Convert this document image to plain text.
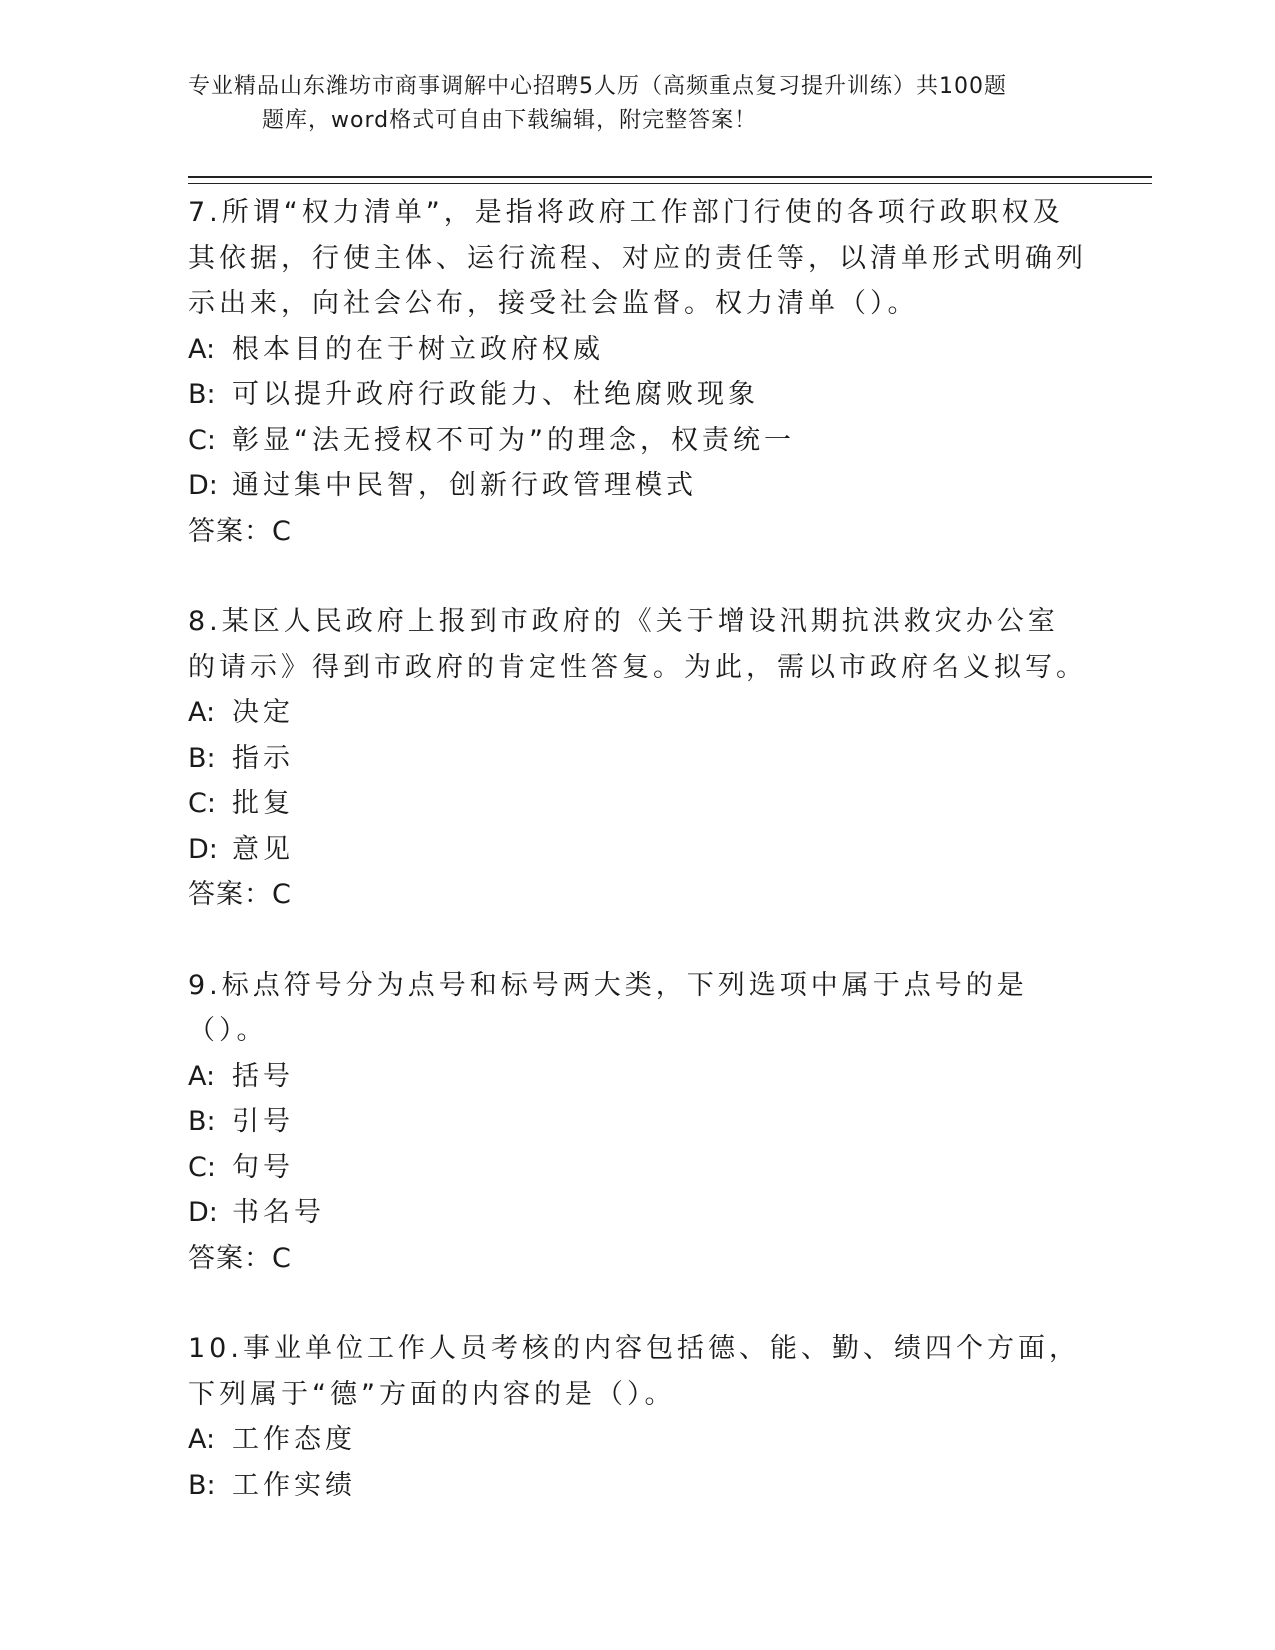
专业精品山东潍坊市商事调解中心招聘5人历（高频重点复习提升训练）共100题
题库，word格式可自由下载编辑，附完整答案！

7.所谓“权力清单”，是指将政府工作部门行使的各项行政职权及其依据，行使主体、运行流程、对应的责任等，以清单形式明确列示出来，向社会公布，接受社会监督。权力清单（）。

A: 根本目的在于树立政府权威

B: 可以提升政府行政能力、杜绝腐败现象

C: 彰显“法无授权不可为”的理念，权责统一

D: 通过集中民智，创新行政管理模式

答案：C

8.某区人民政府上报到市政府的《关于增设汛期抗洪救灾办公室的请示》得到市政府的肯定性答复。为此，需以市政府名义拟写。

A: 决定

B: 指示

C: 批复

D: 意见

答案：C

9.标点符号分为点号和标号两大类，下列选项中属于点号的是（）。

A: 括号

B: 引号

C: 句号

D: 书名号

答案：C

10.事业单位工作人员考核的内容包括德、能、勤、绩四个方面，下列属于“德”方面的内容的是（）。

A: 工作态度

B: 工作实绩
